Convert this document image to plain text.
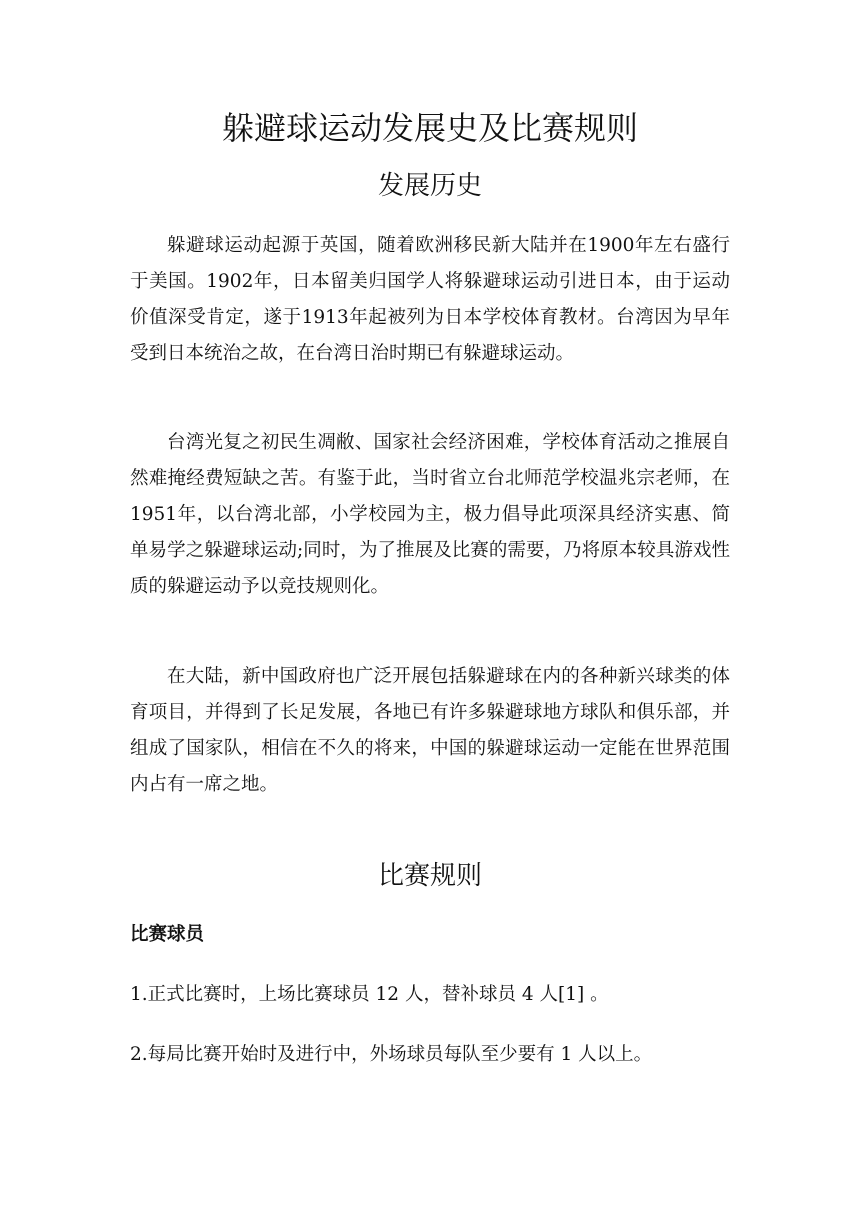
躲避球运动发展史及比赛规则
发展历史

躲避球运动起源于英国，随着欧洲移民新大陆并在1900年左右盛行于美国。1902年，日本留美归国学人将躲避球运动引进日本，由于运动价值深受肯定，遂于1913年起被列为日本学校体育教材。台湾因为早年受到日本统治之故，在台湾日治时期已有躲避球运动。

台湾光复之初民生凋敝、国家社会经济困难，学校体育活动之推展自然难掩经费短缺之苦。有鉴于此，当时省立台北师范学校温兆宗老师，在1951年，以台湾北部，小学校园为主，极力倡导此项深具经济实惠、简单易学之躲避球运动;同时，为了推展及比赛的需要，乃将原本较具游戏性质的躲避运动予以竞技规则化。

在大陆，新中国政府也广泛开展包括躲避球在内的各种新兴球类的体育项目，并得到了长足发展，各地已有许多躲避球地方球队和俱乐部，并组成了国家队，相信在不久的将来，中国的躲避球运动一定能在世界范围内占有一席之地。

比赛规则
比赛球员

1.正式比赛时，上场比赛球员 12 人，替补球员 4 人[1] 。

2.每局比赛开始时及进行中，外场球员每队至少要有 1 人以上。
